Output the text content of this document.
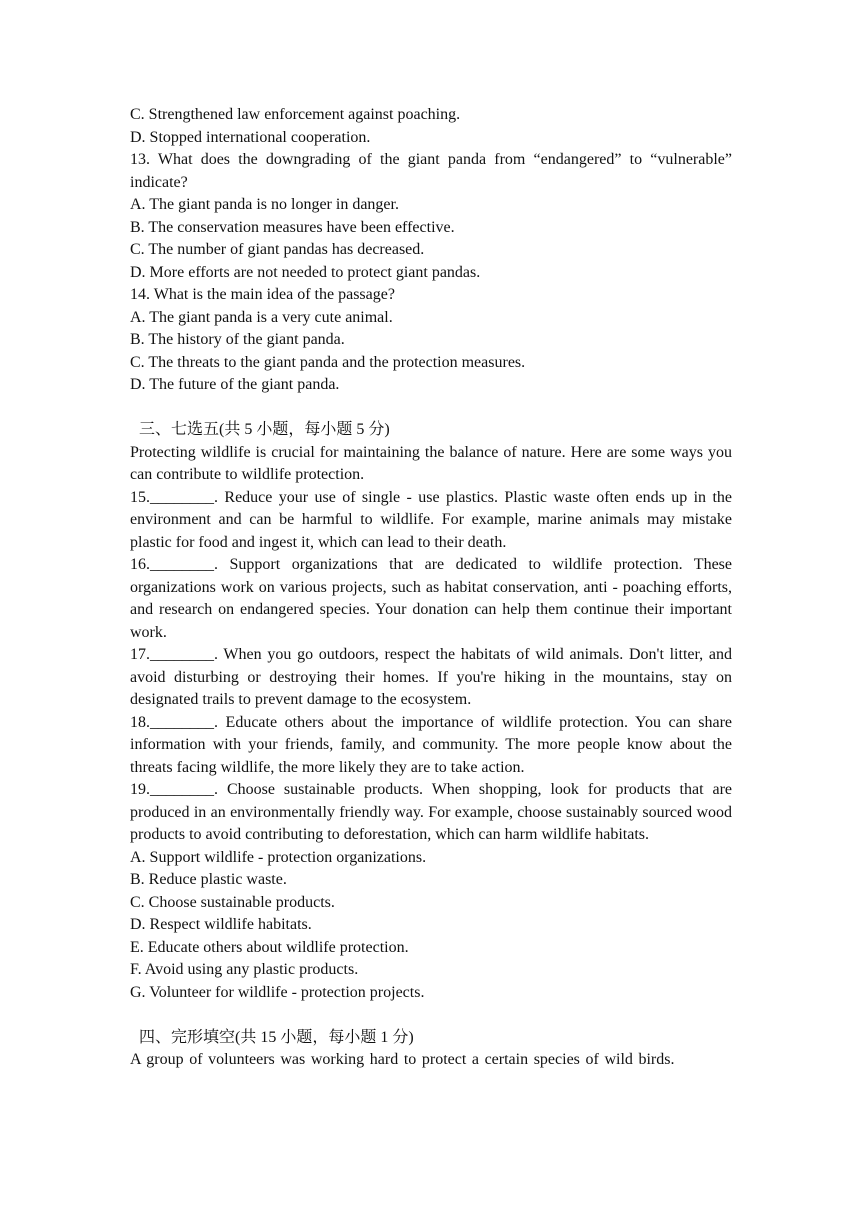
C. Strengthened law enforcement against poaching.

D. Stopped international cooperation.

13. What does the downgrading of the giant panda from “endangered” to “vulnerable” indicate?

A. The giant panda is no longer in danger.

B. The conservation measures have been effective.

C. The number of giant pandas has decreased.

D. More efforts are not needed to protect giant pandas.

14. What is the main idea of the passage?

A. The giant panda is a very cute animal.

B. The history of the giant panda.

C. The threats to the giant panda and the protection measures.

D. The future of the giant panda.

三、七选五(共 5 小题，每小题 5 分)

Protecting wildlife is crucial for maintaining the balance of nature. Here are some ways you can contribute to wildlife protection.

15.________. Reduce your use of single - use plastics. Plastic waste often ends up in the environment and can be harmful to wildlife. For example, marine animals may mistake plastic for food and ingest it, which can lead to their death.

16.________. Support organizations that are dedicated to wildlife protection. These organizations work on various projects, such as habitat conservation, anti - poaching efforts, and research on endangered species. Your donation can help them continue their important work.

17.________. When you go outdoors, respect the habitats of wild animals. Don't litter, and avoid disturbing or destroying their homes. If you're hiking in the mountains, stay on designated trails to prevent damage to the ecosystem.

18.________. Educate others about the importance of wildlife protection. You can share information with your friends, family, and community. The more people know about the threats facing wildlife, the more likely they are to take action.

19.________. Choose sustainable products. When shopping, look for products that are produced in an environmentally friendly way. For example, choose sustainably sourced wood products to avoid contributing to deforestation, which can harm wildlife habitats.

A. Support wildlife - protection organizations.

B. Reduce plastic waste.

C. Choose sustainable products.

D. Respect wildlife habitats.

E. Educate others about wildlife protection.

F. Avoid using any plastic products.

G. Volunteer for wildlife - protection projects.

四、完形填空(共 15 小题，每小题 1 分)

A group of volunteers was working hard to protect a certain species of wild birds.
